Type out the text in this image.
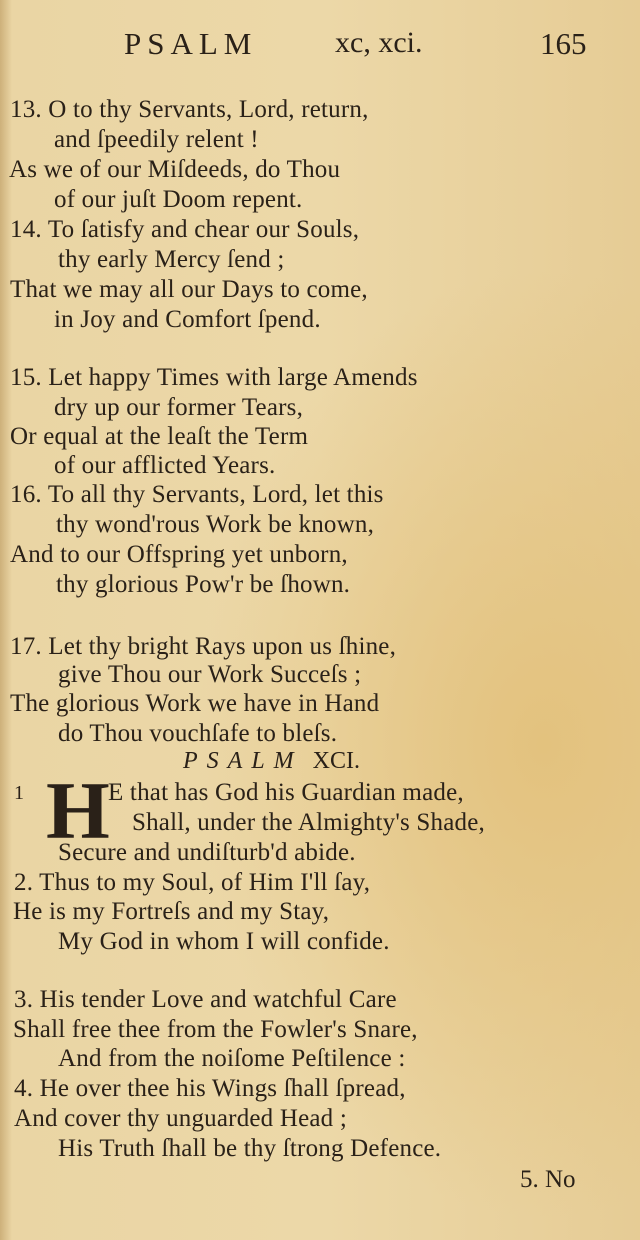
PSALM	xc, xci.	165
13. O to thy Servants, Lord, return,
and ſpeedily relent !
As we of our Miſdeeds, do Thou
of our juſt Doom repent.
14. To ſatisfy and chear our Souls,
thy early Mercy ſend ;
That we may all our Days to come,
in Joy and Comfort ſpend.
15. Let happy Times with large Amends
dry up our former Tears,
Or equal at the leaſt the Term
of our afflicted Years.
16. To all thy Servants, Lord, let this
thy wond'rous Work be known,
And to our Offspring yet unborn,
thy glorious Pow'r be ſhown.
17. Let thy bright Rays upon us ſhine,
give Thou our Work Succeſs ;
The glorious Work we have in Hand
do Thou vouchſafe to bleſs.
PSALM XCI.
1 H
E that has God his Guardian made,
Shall, under the Almighty's Shade,
Secure and undiſturb'd abide.
2. Thus to my Soul, of Him I'll ſay,
He is my Fortreſs and my Stay,
My God in whom I will confide.
3. His tender Love and watchful Care
Shall free thee from the Fowler's Snare,
And from the noiſome Peſtilence :
4. He over thee his Wings ſhall ſpread,
And cover thy unguarded Head ;
His Truth ſhall be thy ſtrong Defence.
5. No
